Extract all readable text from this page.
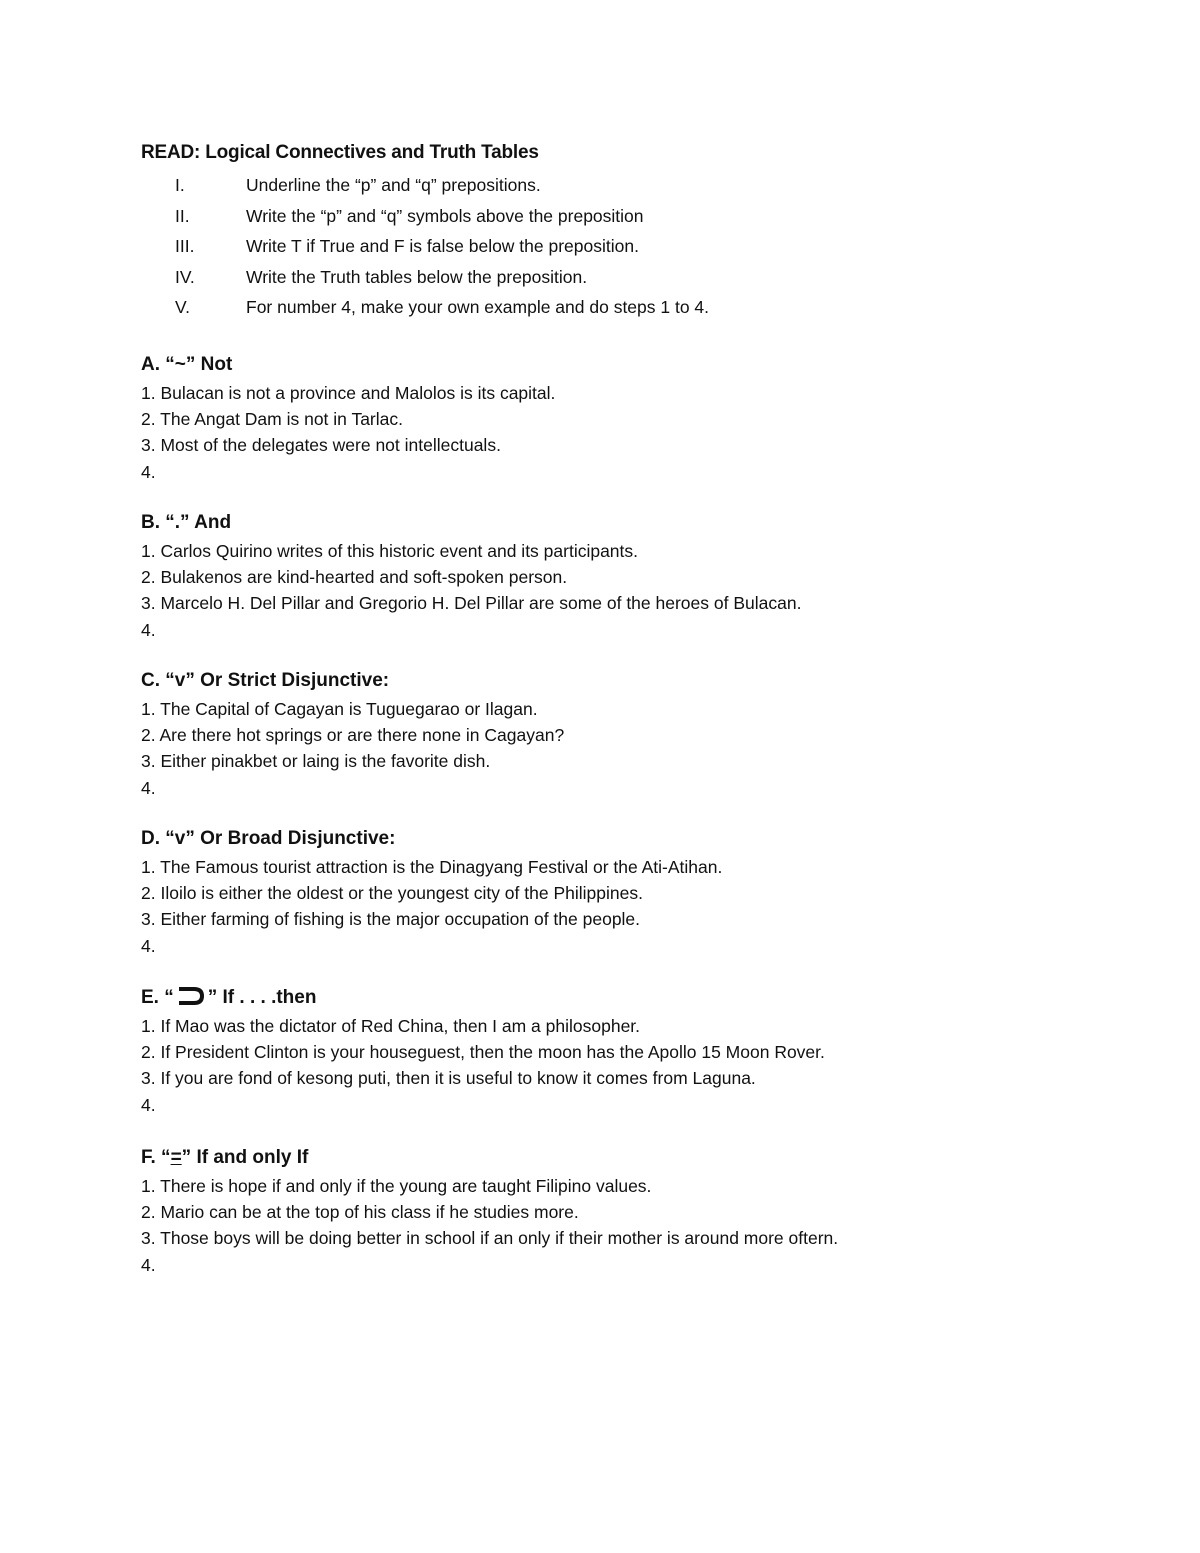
READ: Logical Connectives and Truth Tables
I.	Underline the “p” and “q” prepositions.
II.	Write the “p” and “q” symbols above the preposition
III.	Write T if True and F is false below the preposition.
IV.	Write the Truth tables below the preposition.
V.	For number 4, make your own example and do steps 1 to 4.
A. “~” Not
1. Bulacan is not a province and Malolos is its capital.
2. The Angat Dam is not in Tarlac.
3. Most of the delegates were not intellectuals.
4.
B. “.” And
1. Carlos Quirino writes of this historic event and its participants.
2. Bulakenos are kind-hearted and soft-spoken person.
3. Marcelo H. Del Pillar and Gregorio H. Del Pillar are some of the heroes of Bulacan.
4.
C. “v” Or Strict Disjunctive:
1. The Capital of Cagayan is Tuguegarao or Ilagan.
2. Are there hot springs or are there none in Cagayan?
3. Either pinakbet or laing is the favorite dish.
4.
D. “v” Or Broad Disjunctive:
1. The Famous tourist attraction is the Dinagyang Festival or the Ati-Atihan.
2. Iloilo is either the oldest or the youngest city of the Philippines.
3. Either farming of fishing is the major occupation of the people.
4.
E. “ ” If . . . .then
1. If Mao was the dictator of Red China, then I am a philosopher.
2. If President Clinton is your houseguest, then the moon has the Apollo 15 Moon Rover.
3. If you are fond of kesong puti, then it is useful to know it comes from Laguna.
4.
F. “=” If and only If
1. There is hope if and only if the young are taught Filipino values.
2. Mario can be at the top of his class if he studies more.
3. Those boys will be doing better in school if an only if their mother is around more oftern.
4.
